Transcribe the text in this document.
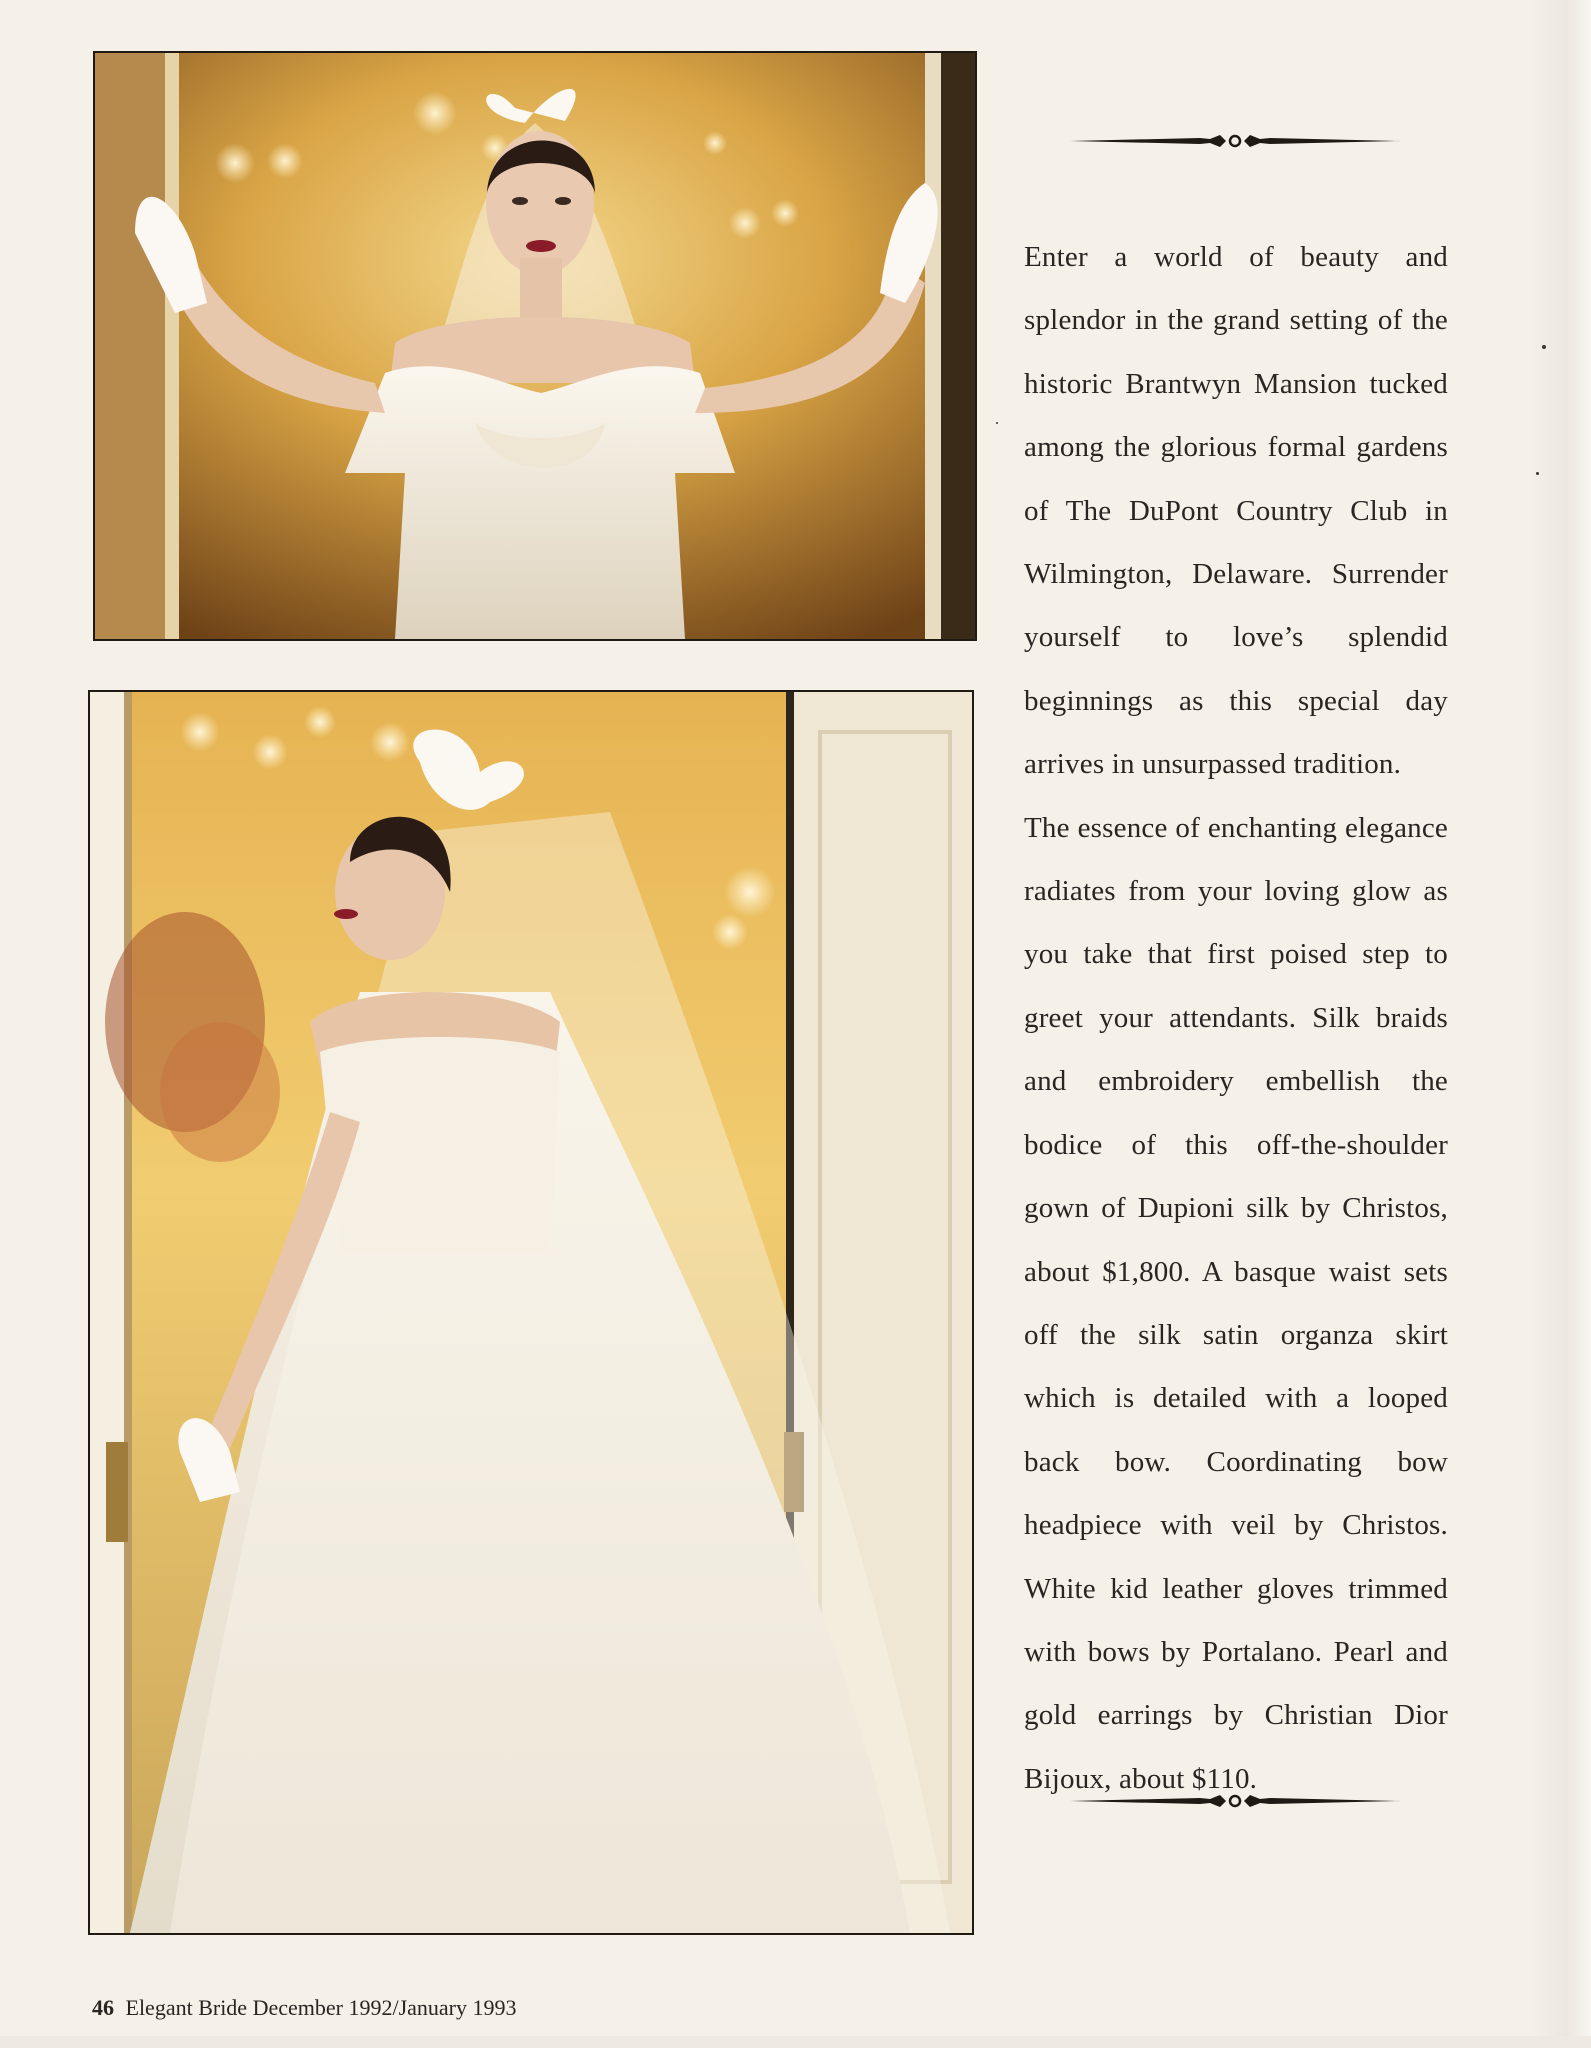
Enter a world of beauty and splendor in the grand setting of the historic Brantwyn Mansion tucked among the glorious formal gardens of The DuPont Country Club in Wilmington, Delaware. Surrender yourself to love’s splendid beginnings as this special day arrives in unsurpassed tradition.

The essence of enchanting elegance radiates from your loving glow as you take that first poised step to greet your attendants. Silk braids and embroidery embellish the bodice of this off-the-shoulder gown of Dupioni silk by Christos, about $1,800. A basque waist sets off the silk satin organza skirt which is detailed with a looped back bow. Coordinating bow headpiece with veil by Christos. White kid leather gloves trimmed with bows by Portalano. Pearl and gold earrings by Christian Dior Bijoux, about $110.

46 Elegant Bride December 1992/January 1993
